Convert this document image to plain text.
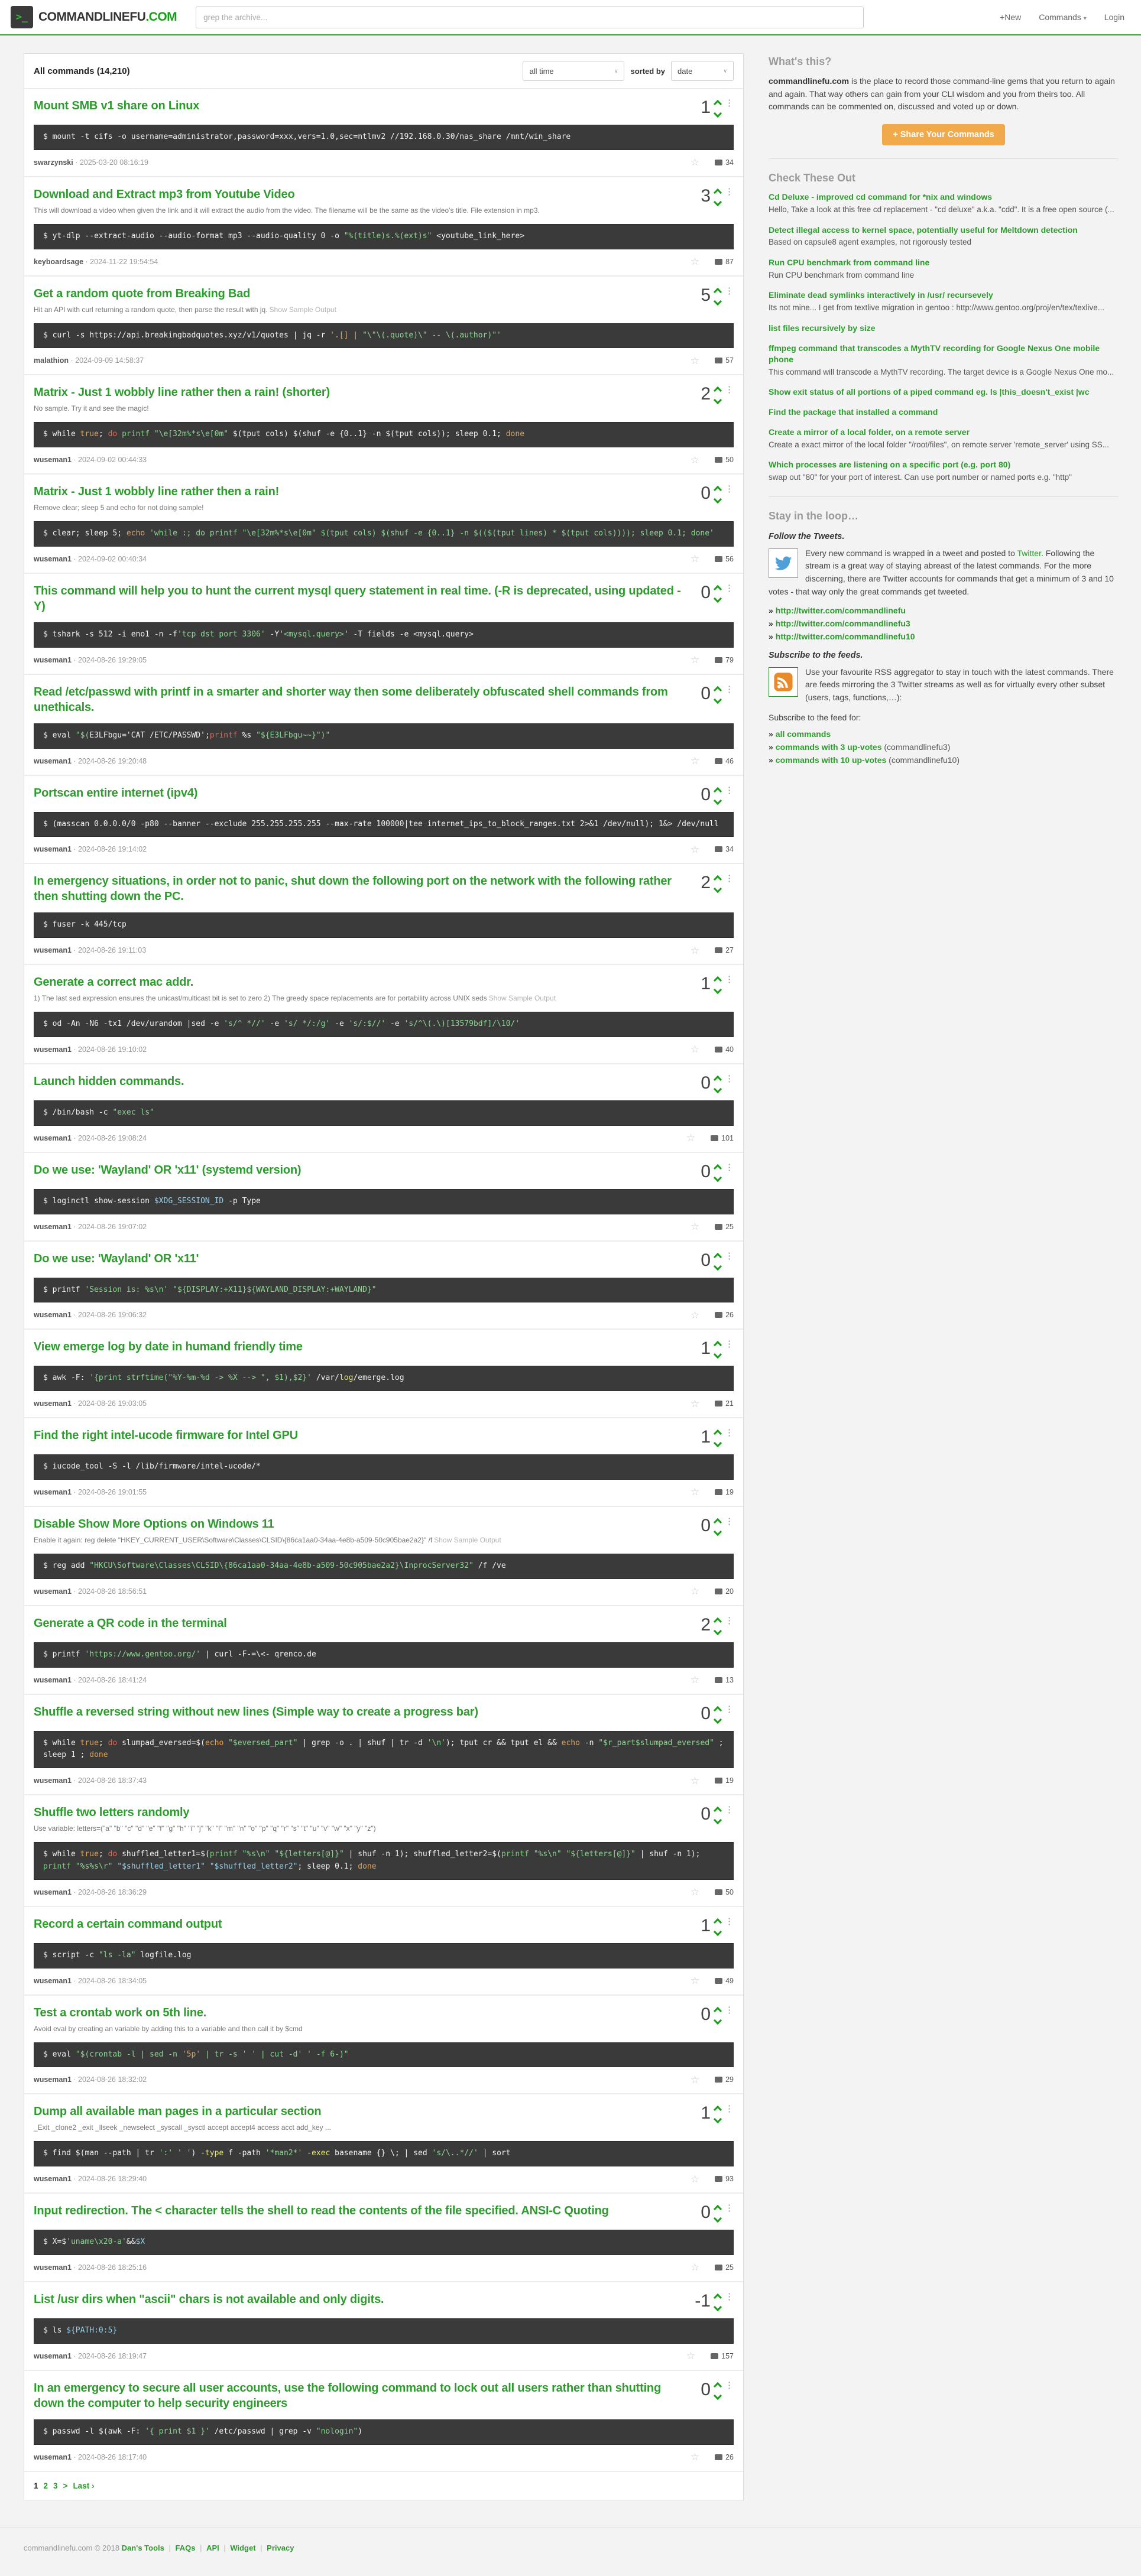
>_ COMMANDLINEFU.COM
grep the archive...	+New Commands ▾ Login
All commands (14,210)	all time	∨ sorted by date	∨
Mount SMB v1 share on Linux	1 ⋮
$ mount -t cifs -o username=administrator,password=xxx,vers=1.0,sec=ntlmv2 //192.168.0.30/nas_share /mnt/win_share
swarzynski · 2025-03-20 08:16:19	☆	34
Download and Extract mp3 from Youtube Video

This will download a video when given the link and it will extract the audio from the video. The filename will be the same as the video's title. File extension in mp3.

3 ⋮
$ yt-dlp --extract-audio --audio-format mp3 --audio-quality 0 -o "%(title)s.%(ext)s" <youtube_link_here>
keyboardsage · 2024-11-22 19:54:54	☆	87
Get a random quote from Breaking Bad

Hit an API with curl returning a random quote, then parse the result with jq. Show Sample Output

5 ⋮
$ curl -s https://api.breakingbadquotes.xyz/v1/quotes | jq -r '.[] | "\"\(.quote)\" -- \(.author)"'
malathion · 2024-09-09 14:58:37	☆	57
Matrix - Just 1 wobbly line rather then a rain! (shorter)

No sample. Try it and see the magic!

2 ⋮
$ while true; do printf "\e[32m%*s\e[0m" $(tput cols) $(shuf -e {0..1} -n $(tput cols)); sleep 0.1; done
wuseman1 · 2024-09-02 00:44:33	☆	50
Matrix - Just 1 wobbly line rather then a rain!

Remove clear; sleep 5 and echo for not doing sample!

0 ⋮
$ clear; sleep 5; echo 'while :; do printf "\e[32m%*s\e[0m" $(tput cols) $(shuf -e {0..1} -n $(($(tput lines) * $(tput cols)))); sleep 0.1; done'
wuseman1 · 2024-09-02 00:40:34	☆	56
This command will help you to hunt the current mysql query statement in real time. (-R is deprecated, using updated -Y)
0 ⋮
$ tshark -s 512 -i eno1 -n -f'tcp dst port 3306' -Y'<mysql.query>' -T fields -e <mysql.query>
wuseman1 · 2024-08-26 19:29:05	☆	79
Read /etc/passwd with printf in a smarter and shorter way then some deliberately obfuscated shell commands from unethicals.
0 ⋮
$ eval "$(E3LFbgu='CAT /ETC/PASSWD';printf %s "${E3LFbgu~~}")"
wuseman1 · 2024-08-26 19:20:48	☆	46
Portscan entire internet (ipv4)	0 ⋮
$ (masscan 0.0.0.0/0 -p80 --banner --exclude 255.255.255.255 --max-rate 100000|tee internet_ips_to_block_ranges.txt 2>&1 /dev/null); 1&> /dev/null
wuseman1 · 2024-08-26 19:14:02	☆	34
In emergency situations, in order not to panic, shut down the following port on the network with the following rather then shutting down the PC.
2 ⋮
$ fuser -k 445/tcp
wuseman1 · 2024-08-26 19:11:03	☆	27
Generate a correct mac addr.

1) The last sed expression ensures the unicast/multicast bit is set to zero 2) The greedy space replacements are for portability across UNIX seds Show Sample Output

1 ⋮
$ od -An -N6 -tx1 /dev/urandom |sed -e 's/^ *//' -e 's/ */:/g' -e 's/:$//' -e 's/^\(.\)[13579bdf]/\10/'
wuseman1 · 2024-08-26 19:10:02	☆	40
Launch hidden commands.	0 ⋮
$ /bin/bash -c "exec ls"
wuseman1 · 2024-08-26 19:08:24	☆	101
Do we use: 'Wayland' OR 'x11' (systemd version)	0 ⋮
$ loginctl show-session $XDG_SESSION_ID -p Type
wuseman1 · 2024-08-26 19:07:02	☆	25
Do we use: 'Wayland' OR 'x11'	0 ⋮
$ printf 'Session is: %s\n' "${DISPLAY:+X11}${WAYLAND_DISPLAY:+WAYLAND}"
wuseman1 · 2024-08-26 19:06:32	☆	26
View emerge log by date in humand friendly time	1 ⋮
$ awk -F: '{print strftime("%Y-%m-%d -> %X --> ", $1),$2}' /var/log/emerge.log
wuseman1 · 2024-08-26 19:03:05	☆	21
Find the right intel-ucode firmware for Intel GPU	1 ⋮
$ iucode_tool -S -l /lib/firmware/intel-ucode/*
wuseman1 · 2024-08-26 19:01:55	☆	19
Disable Show More Options on Windows 11

Enable it again: reg delete "HKEY_CURRENT_USER\Software\Classes\CLSID\{86ca1aa0-34aa-4e8b-a509-50c905bae2a2}" /f Show Sample Output

0 ⋮
$ reg add "HKCU\Software\Classes\CLSID\{86ca1aa0-34aa-4e8b-a509-50c905bae2a2}\InprocServer32" /f /ve
wuseman1 · 2024-08-26 18:56:51	☆	20
Generate a QR code in the terminal	2 ⋮
$ printf 'https://www.gentoo.org/' | curl -F-=\<- qrenco.de
wuseman1 · 2024-08-26 18:41:24	☆	13
Shuffle a reversed string without new lines (Simple way to create a progress bar)	0 ⋮
$ while true; do slumpad_eversed=$(echo "$eversed_part" | grep -o . | shuf | tr -d '\n'); tput cr && tput el && echo -n "$r_part$slumpad_eversed" ; sleep 1 ; done
wuseman1 · 2024-08-26 18:37:43	☆	19
Shuffle two letters randomly

Use variable: letters=("a" "b" "c" "d" "e" "f" "g" "h" "i" "j" "k" "l" "m" "n" "o" "p" "q" "r" "s" "t" "u" "v" "w" "x" "y" "z")

0 ⋮
$ while true; do shuffled_letter1=$(printf "%s\n" "${letters[@]}" | shuf -n 1); shuffled_letter2=$(printf "%s\n" "${letters[@]}" | shuf -n 1); printf "%s%s\r" "$shuffled_letter1" "$shuffled_letter2"; sleep 0.1; done
wuseman1 · 2024-08-26 18:36:29	☆	50
Record a certain command output	1 ⋮
$ script -c "ls -la" logfile.log
wuseman1 · 2024-08-26 18:34:05	☆	49
Test a crontab work on 5th line.

Avoid eval by creating an variable by adding this to a variable and then call it by $cmd

0 ⋮
$ eval "$(crontab -l | sed -n '5p' | tr -s ' ' | cut -d' ' -f 6-)"
wuseman1 · 2024-08-26 18:32:02	☆	29
Dump all available man pages in a particular section

_Exit _clone2 _exit _llseek _newselect _syscall _sysctl accept accept4 access acct add_key ...

1 ⋮
$ find $(man --path | tr ':' ' ') -type f -path '*man2*' -exec basename {} \; | sed 's/\..*//' | sort
wuseman1 · 2024-08-26 18:29:40	☆	93
Input redirection. The < character tells the shell to read the contents of the file specified. ANSI-C Quoting	0 ⋮
$ X=$'uname\x20-a'&&$X
wuseman1 · 2024-08-26 18:25:16	☆	25
List /usr dirs when "ascii" chars is not available and only digits.	-1 ⋮
$ ls ${PATH:0:5}
wuseman1 · 2024-08-26 18:19:47	☆	157
In an emergency to secure all user accounts, use the following command to lock out all users rather than shutting down the computer to help security engineers
0 ⋮
$ passwd -l $(awk -F: '{ print $1 }' /etc/passwd | grep -v "nologin")
wuseman1 · 2024-08-26 18:17:40	☆	26
1 2 3 > Last ›
What's this?

commandlinefu.com is the place to record those command-line gems that you return to again and again. That way others can gain from your CLI wisdom and you from theirs too. All commands can be commented on, discussed and voted up or down.

+ Share Your Commands
Check These Out
Cd Deluxe - improved cd command for *nix and windows
Hello, Take a look at this free cd replacement - "cd deluxe" a.k.a. "cdd". It is a free open source (...
Detect illegal access to kernel space, potentially useful for Meltdown detection
Based on capsule8 agent examples, not rigorously tested
Run CPU benchmark from command line
Run CPU benchmark from command line
Eliminate dead symlinks interactively in /usr/ recursevely
Its not mine... I get from textlive migration in gentoo : http://www.gentoo.org/proj/en/tex/texlive...
list files recursively by size
ffmpeg command that transcodes a MythTV recording for Google Nexus One mobile phone
This command will transcode a MythTV recording. The target device is a Google Nexus One mo...
Show exit status of all portions of a piped command eg. ls |this_doesn't_exist |wc
Find the package that installed a command
Create a mirror of a local folder, on a remote server
Create a exact mirror of the local folder "/root/files", on remote server 'remote_server' using SS...
Which processes are listening on a specific port (e.g. port 80)
swap out "80" for your port of interest. Can use port number or named ports e.g. "http"
Stay in the loop…
Follow the Tweets.
Every new command is wrapped in a tweet and posted to Twitter. Following the stream is a great way of staying abreast of the latest commands. For the more discerning, there are Twitter accounts for commands that get a minimum of 3 and 10 votes - that way only the great commands get tweeted.
» http://twitter.com/commandlinefu
» http://twitter.com/commandlinefu3
» http://twitter.com/commandlinefu10
Subscribe to the feeds.
Use your favourite RSS aggregator to stay in touch with the latest commands. There are feeds mirroring the 3 Twitter streams as well as for virtually every other subset (users, tags, functions,…):
Subscribe to the feed for:
» all commands
» commands with 3 up-votes (commandlinefu3)
» commands with 10 up-votes (commandlinefu10)
commandlinefu.com © 2018 Dan's Tools | FAQs | API | Widget | Privacy
